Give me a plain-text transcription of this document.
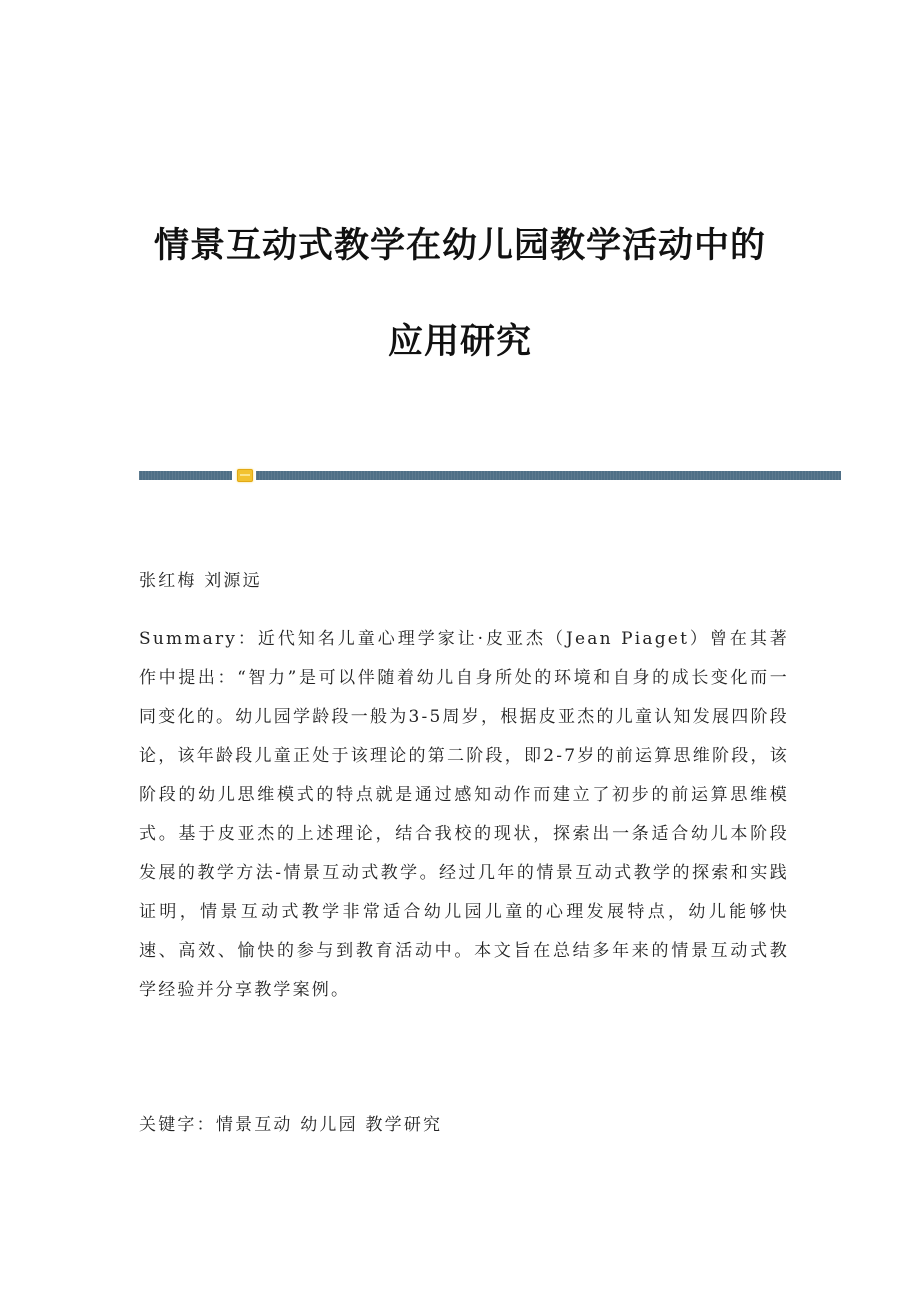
情景互动式教学在幼儿园教学活动中的
应用研究

张红梅 刘源远

Summary：近代知名儿童心理学家让·皮亚杰（Jean Piaget）曾在其著作中提出：“智力”是可以伴随着幼儿自身所处的环境和自身的成长变化而一同变化的。幼儿园学龄段一般为3-5周岁，根据皮亚杰的儿童认知发展四阶段论，该年龄段儿童正处于该理论的第二阶段，即2-7岁的前运算思维阶段，该阶段的幼儿思维模式的特点就是通过感知动作而建立了初步的前运算思维模式。基于皮亚杰的上述理论，结合我校的现状，探索出一条适合幼儿本阶段发展的教学方法-情景互动式教学。经过几年的情景互动式教学的探索和实践证明，情景互动式教学非常适合幼儿园儿童的心理发展特点，幼儿能够快速、高效、愉快的参与到教育活动中。本文旨在总结多年来的情景互动式教学经验并分享教学案例。

关键字：情景互动 幼儿园 教学研究
